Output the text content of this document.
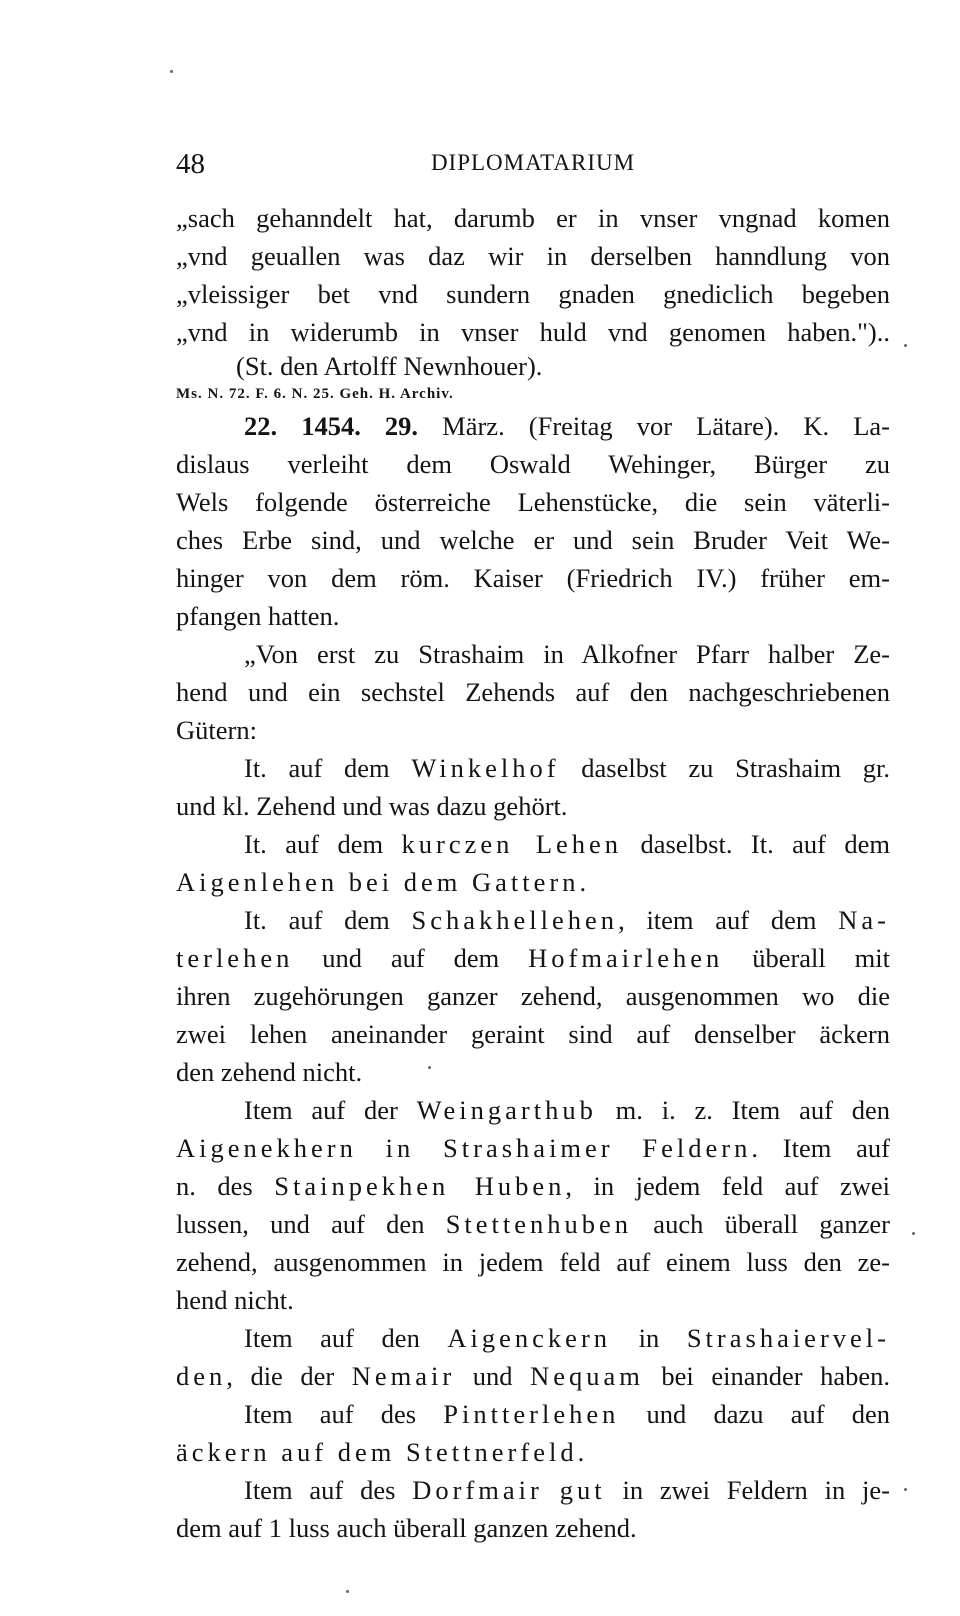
48	DIPLOMATARIUM
„sach gehanndelt hat, darumb er in vnser vngnad komen
„vnd geuallen was daz wir in derselben hanndlung von
„vleissiger bet vnd sundern gnaden gnediclich begeben
„vnd in widerumb in vnser huld vnd genomen haben.")..
(St. den Artolff Newnhouer).
Ms. N. 72. F. 6. N. 25. Geh. H. Archiv.
22. 1454. 29. März. (Freitag vor Lätare). K. La-
dislaus verleiht dem Oswald Wehinger, Bürger zu
Wels folgende österreiche Lehenstücke, die sein väterli-
ches Erbe sind, und welche er und sein Bruder Veit We-
hinger von dem röm. Kaiser (Friedrich IV.) früher em-
pfangen hatten.
„Von erst zu Strashaim in Alkofner Pfarr halber Ze-
hend und ein sechstel Zehends auf den nachgeschriebenen
Gütern:
It. auf dem Winkelhof daselbst zu Strashaim gr.
und kl. Zehend und was dazu gehört.
It. auf dem kurczen Lehen daselbst. It. auf dem
Aigenlehen bei dem Gattern.
It. auf dem Schakhellehen, item auf dem Na-
terlehen und auf dem Hofmairlehen überall mit
ihren zugehörungen ganzer zehend, ausgenommen wo die
zwei lehen aneinander geraint sind auf denselber äckern
den zehend nicht.
Item auf der Weingarthub m. i. z. Item auf den
Aigenekhern in Strashaimer Feldern. Item auf
n. des Stainpekhen Huben, in jedem feld auf zwei
lussen, und auf den Stettenhuben auch überall ganzer
zehend, ausgenommen in jedem feld auf einem luss den ze-
hend nicht.
Item auf den Aigenckern in Strashaiervel-
den, die der Nemair und Nequam bei einander haben.
Item auf des Pintterlehen und dazu auf den
äckern auf dem Stettnerfeld.
Item auf des Dorfmair gut in zwei Feldern in je-
dem auf 1 luss auch überall ganzen zehend.
